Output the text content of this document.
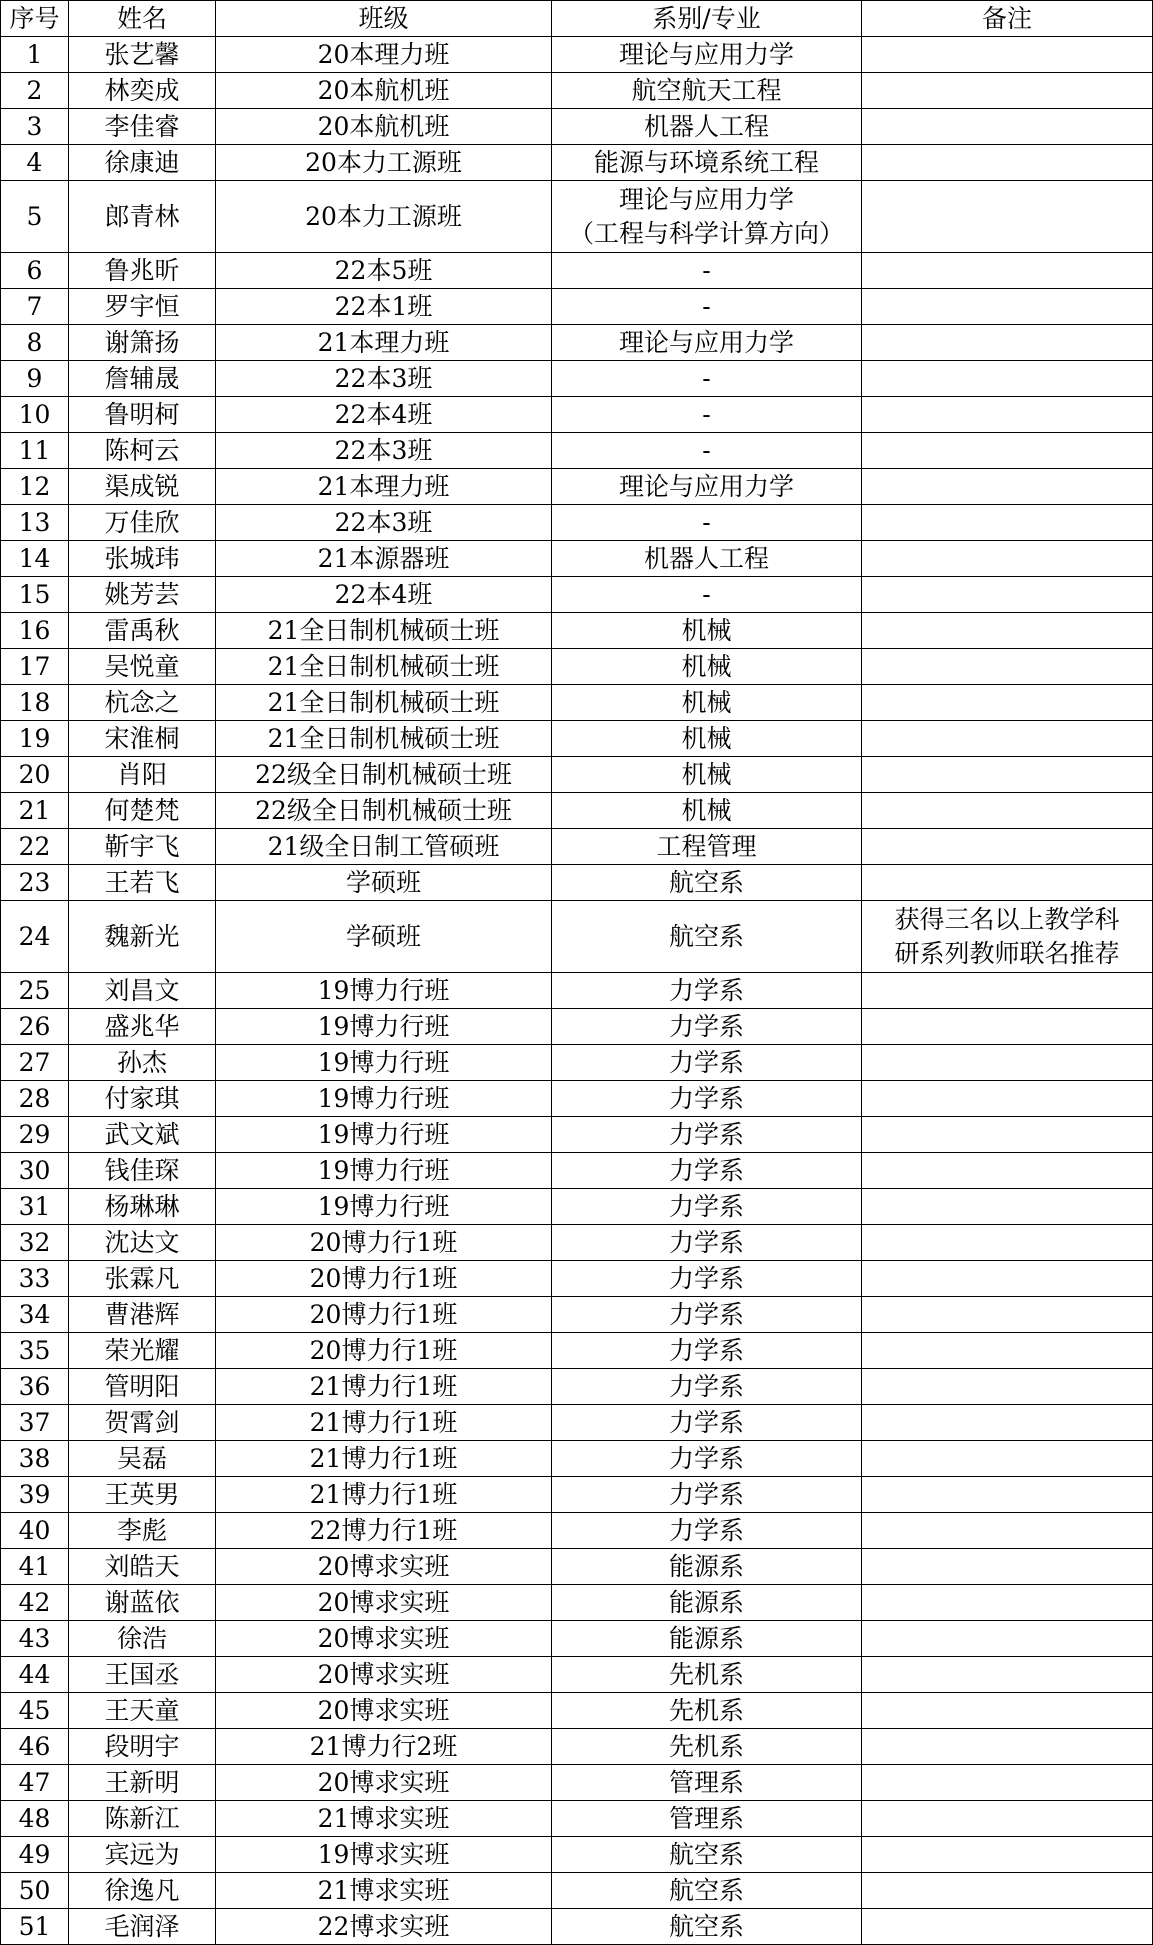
序号	姓名	班级	系别/专业	备注
1	张艺馨	20本理力班	理论与应用力学	

2	林奕成	20本航机班	航空航天工程	

3	李佳睿	20本航机班	机器人工程	

4	徐康迪	20本力工源班	能源与环境系统工程	

5	郎青林	20本力工源班	理论与应用力学
（工程与科学计算方向）	

6	鲁兆昕	22本5班	-	

7	罗宇恒	22本1班	-	

8	谢箫扬	21本理力班	理论与应用力学	

9	詹辅晟	22本3班	-	

10	鲁明柯	22本4班	-	

11	陈柯云	22本3班	-	

12	渠成锐	21本理力班	理论与应用力学	

13	万佳欣	22本3班	-	

14	张城玮	21本源器班	机器人工程	

15	姚芳芸	22本4班	-	

16	雷禹秋	21全日制机械硕士班	机械	

17	吴悦童	21全日制机械硕士班	机械	

18	杭念之	21全日制机械硕士班	机械	

19	宋淮桐	21全日制机械硕士班	机械	

20	肖阳	22级全日制机械硕士班	机械	

21	何楚梵	22级全日制机械硕士班	机械	

22	靳宇飞	21级全日制工管硕班	工程管理	

23	王若飞	学硕班	航空系	

24	魏新光	学硕班	航空系	获得三名以上教学科
研系列教师联名推荐

25	刘昌文	19博力行班	力学系	

26	盛兆华	19博力行班	力学系	

27	孙杰	19博力行班	力学系	

28	付家琪	19博力行班	力学系	

29	武文斌	19博力行班	力学系	

30	钱佳琛	19博力行班	力学系	

31	杨琳琳	19博力行班	力学系	

32	沈达文	20博力行1班	力学系	

33	张霖凡	20博力行1班	力学系	

34	曹港辉	20博力行1班	力学系	

35	荣光耀	20博力行1班	力学系	

36	管明阳	21博力行1班	力学系	

37	贺霄剑	21博力行1班	力学系	

38	吴磊	21博力行1班	力学系	

39	王英男	21博力行1班	力学系	

40	李彪	22博力行1班	力学系	

41	刘皓天	20博求实班	能源系	

42	谢蓝依	20博求实班	能源系	

43	徐浩	20博求实班	能源系	

44	王国丞	20博求实班	先机系	

45	王天童	20博求实班	先机系	

46	段明宇	21博力行2班	先机系	

47	王新明	20博求实班	管理系	

48	陈新江	21博求实班	管理系	

49	宾远为	19博求实班	航空系	

50	徐逸凡	21博求实班	航空系	

51	毛润泽	22博求实班	航空系	
